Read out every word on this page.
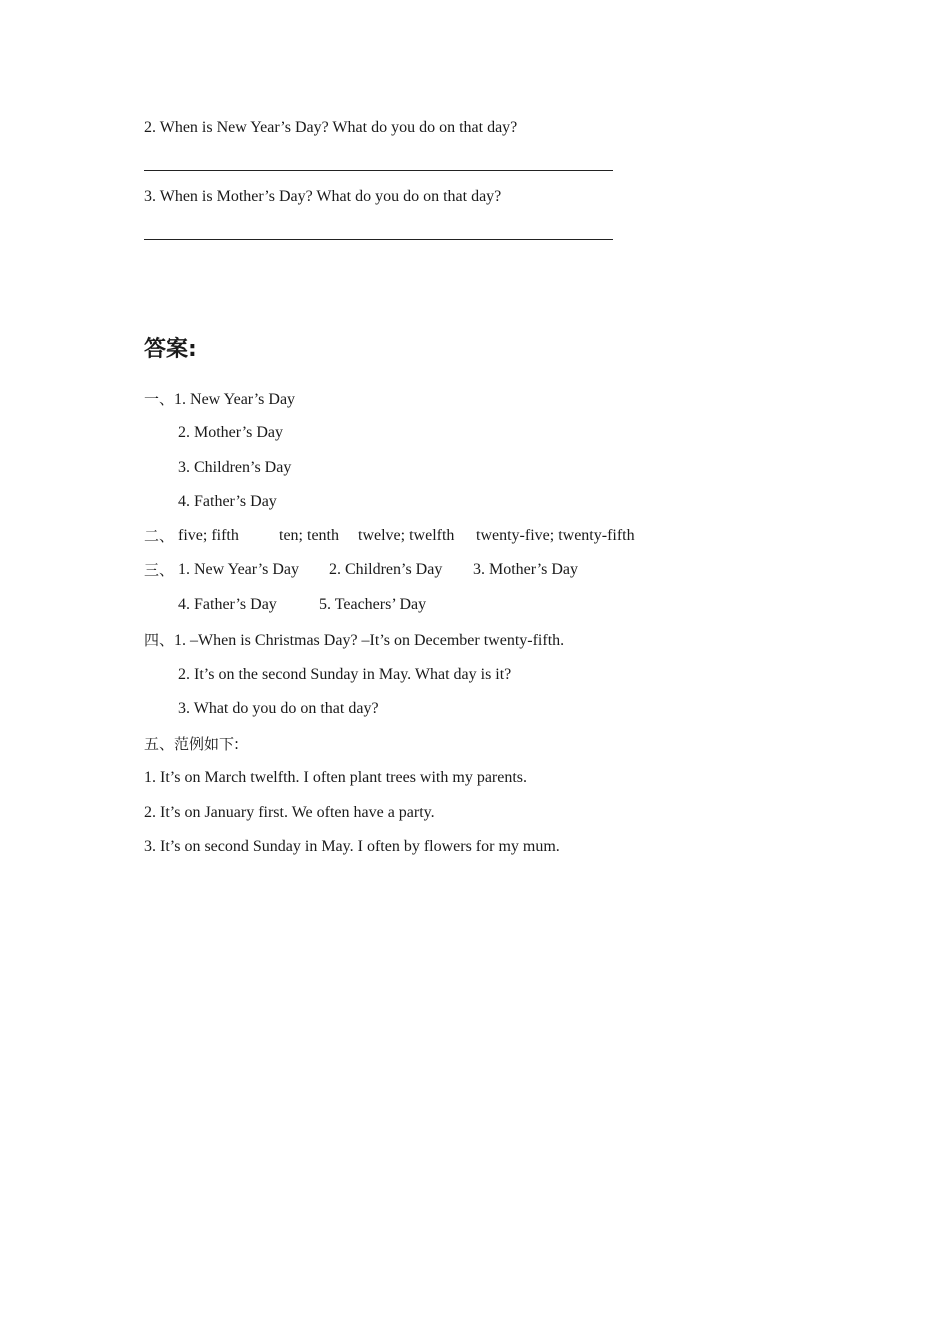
2. When is New Year’s Day? What do you do on that day?
3. When is Mother’s Day? What do you do on that day?
答案:
一、1. New Year’s Day
2. Mother’s Day
3. Children’s Day
4. Father’s Day
二、 five; fifth	ten; tenth twelve; twelfth twenty-five; twenty-fifth
三、 1. New Year’s Day 2. Children’s Day 3. Mother’s Day
4. Father’s Day	5. Teachers’ Day
四、1. –When is Christmas Day? –It’s on December twenty-fifth.
2. It’s on the second Sunday in May. What day is it?
3. What do you do on that day?
五、范例如下:
1. It’s on March twelfth. I often plant trees with my parents.
2. It’s on January first. We often have a party.
3. It’s on second Sunday in May. I often by flowers for my mum.
